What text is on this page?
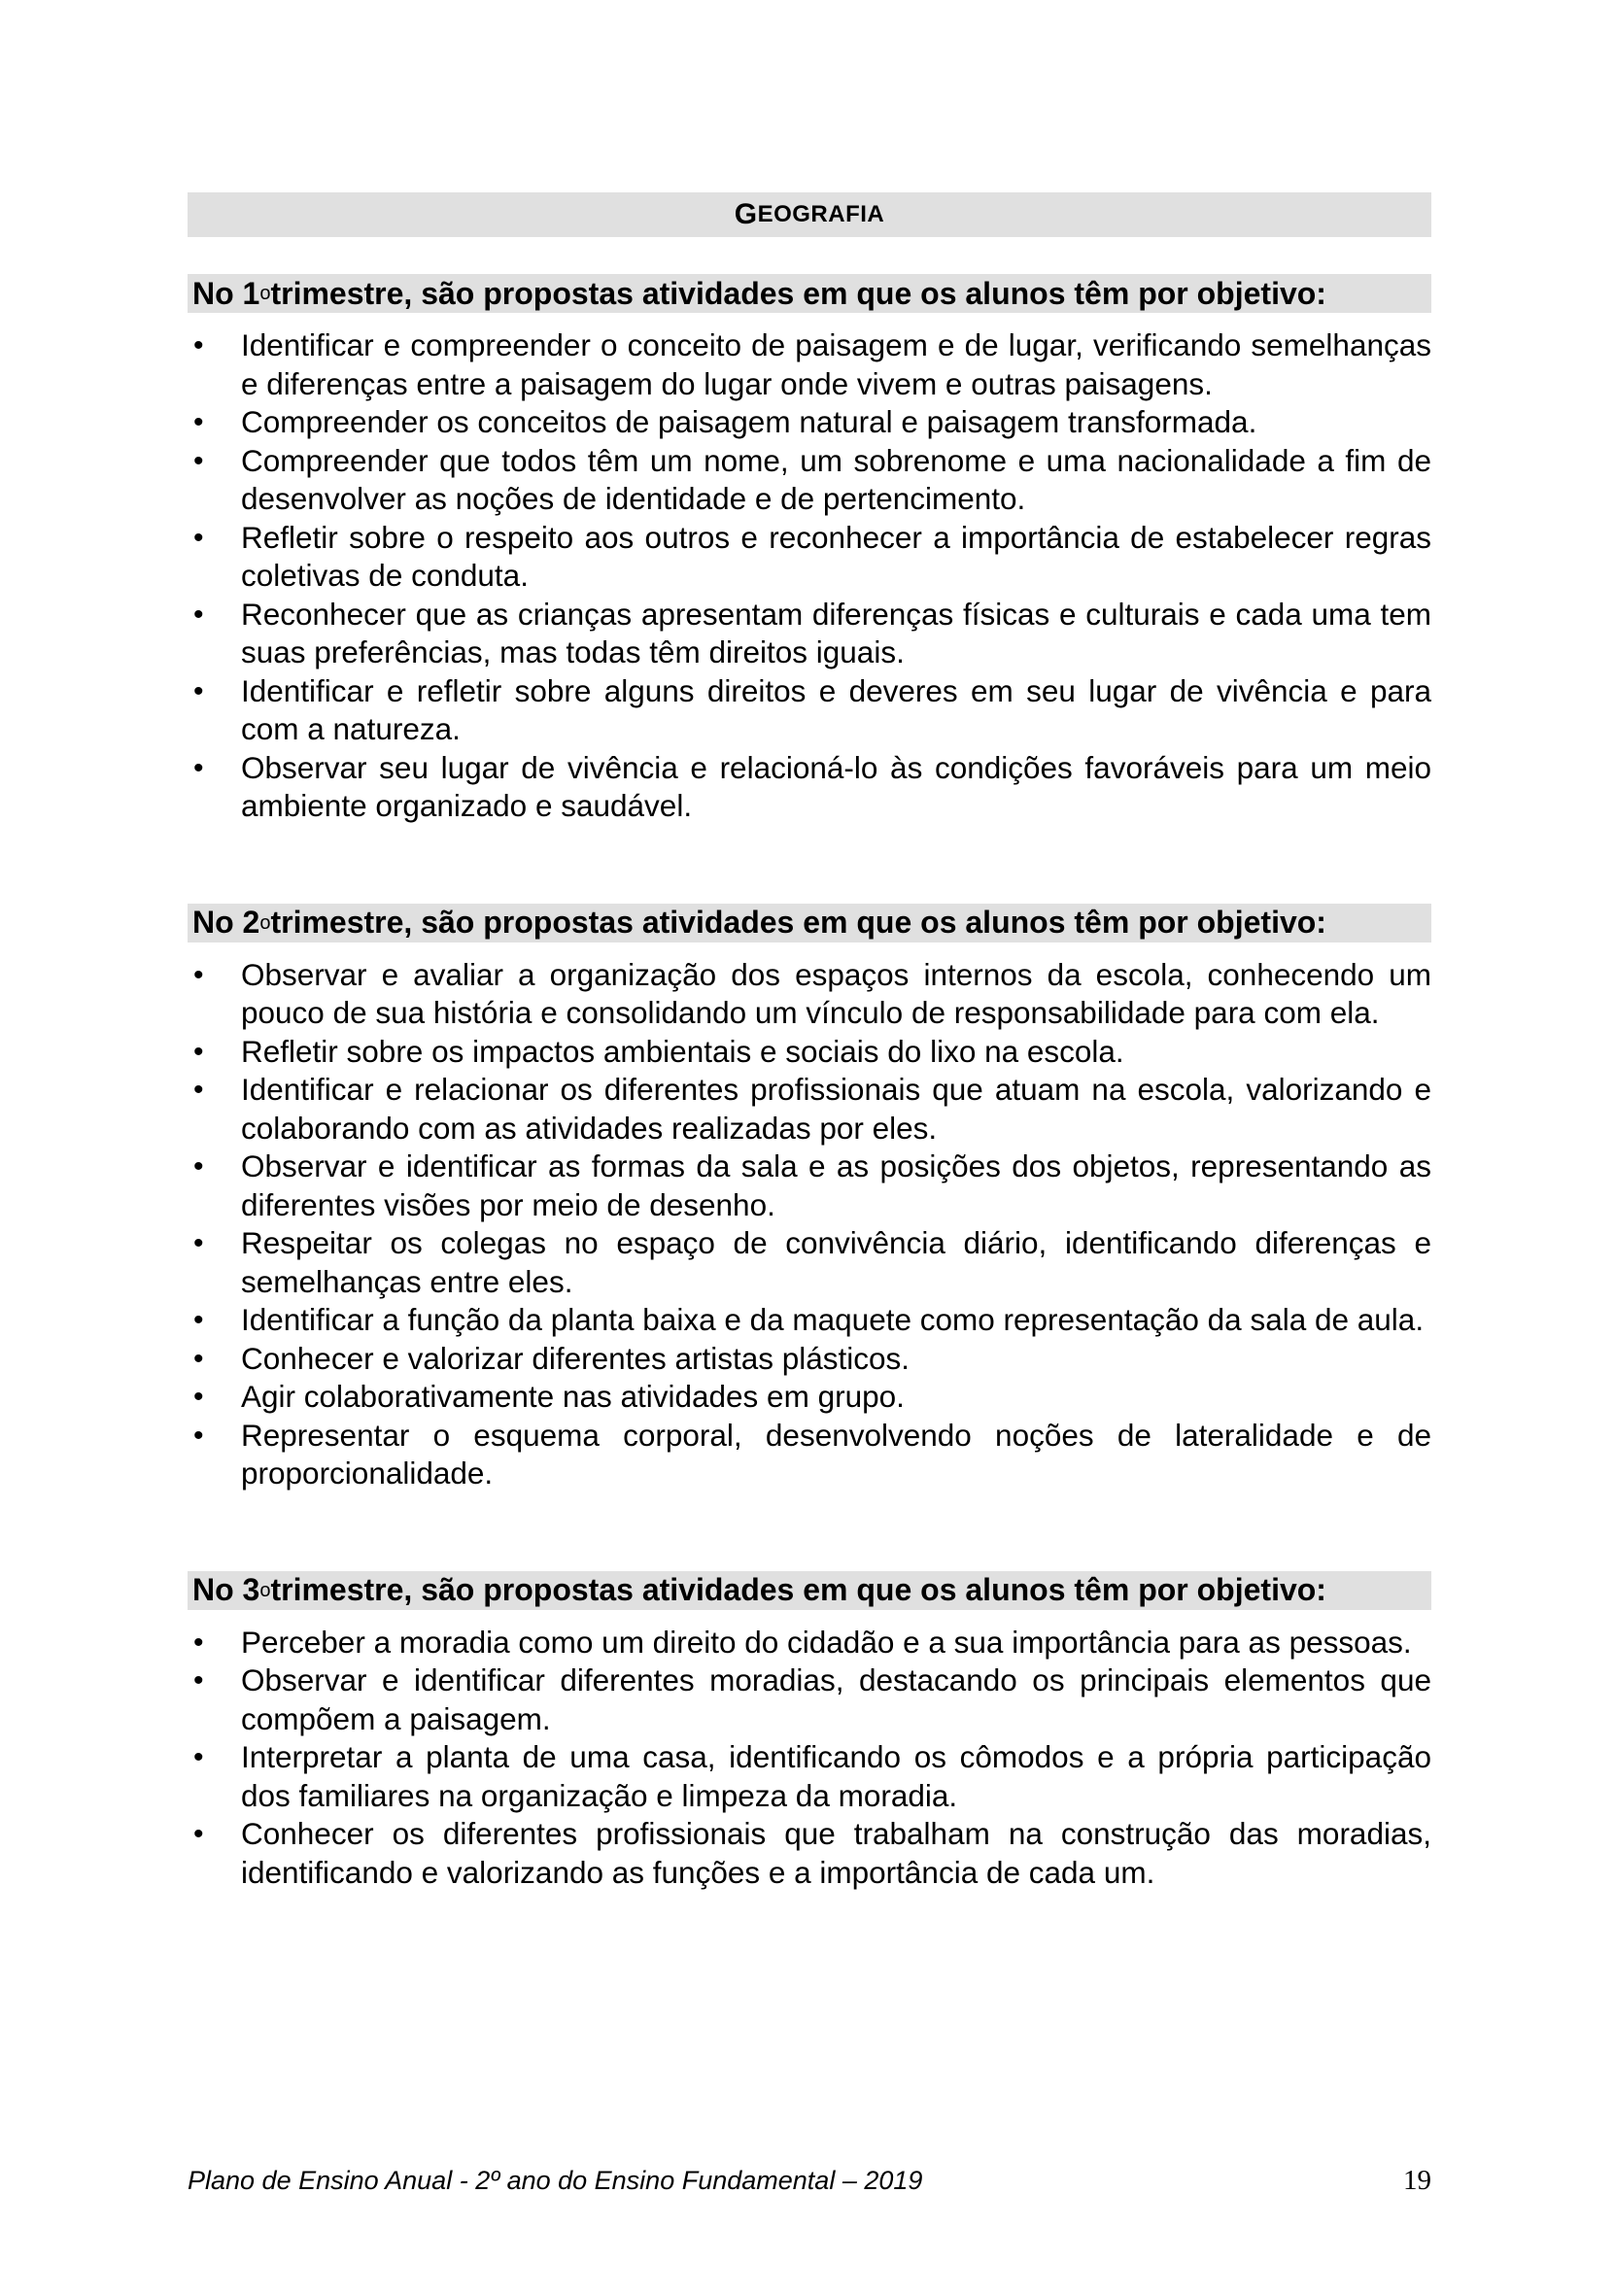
G EOGRAFIA
No 1 o trimestre, são propostas atividades em que os alunos têm por objetivo:
• Identificar e compreender o conceito de paisagem e de lugar, verificando semelhanças e diferenças entre a paisagem do lugar onde vivem e outras paisagens.
• Compreender os conceitos de paisagem natural e paisagem transformada.
• Compreender que todos têm um nome, um sobrenome e uma nacionalidade a fim de desenvolver as noções de identidade e de pertencimento.
• Refletir sobre o respeito aos outros e reconhecer a importância de estabelecer regras coletivas de conduta.
• Reconhecer que as crianças apresentam diferenças físicas e culturais e cada uma tem suas preferências, mas todas têm direitos iguais.
• Identificar e refletir sobre alguns direitos e deveres em seu lugar de vivência e para com a natureza.
• Observar seu lugar de vivência e relacioná-lo às condições favoráveis para um meio ambiente organizado e saudável.
No 2 o trimestre, são propostas atividades em que os alunos têm por objetivo:
• Observar e avaliar a organização dos espaços internos da escola, conhecendo um pouco de sua história e consolidando um vínculo de responsabilidade para com ela.
• Refletir sobre os impactos ambientais e sociais do lixo na escola.
• Identificar e relacionar os diferentes profissionais que atuam na escola, valorizando e colaborando com as atividades realizadas por eles.
• Observar e identificar as formas da sala e as posições dos objetos, representando as diferentes visões por meio de desenho.
• Respeitar os colegas no espaço de convivência diário, identificando diferenças e semelhanças entre eles.
• Identificar a função da planta baixa e da maquete como representação da sala de aula.
• Conhecer e valorizar diferentes artistas plásticos.
• Agir colaborativamente nas atividades em grupo.
• Representar o esquema corporal, desenvolvendo noções de lateralidade e de proporcionalidade.
No 3 o trimestre, são propostas atividades em que os alunos têm por objetivo:
• Perceber a moradia como um direito do cidadão e a sua importância para as pessoas.
• Observar e identificar diferentes moradias, destacando os principais elementos que compõem a paisagem.
• Interpretar a planta de uma casa, identificando os cômodos e a própria participação dos familiares na organização e limpeza da moradia.
• Conhecer os diferentes profissionais que trabalham na construção das moradias, identificando e valorizando as funções e a importância de cada um.
Plano de Ensino Anual - 2º ano do Ensino Fundamental – 2019	19
